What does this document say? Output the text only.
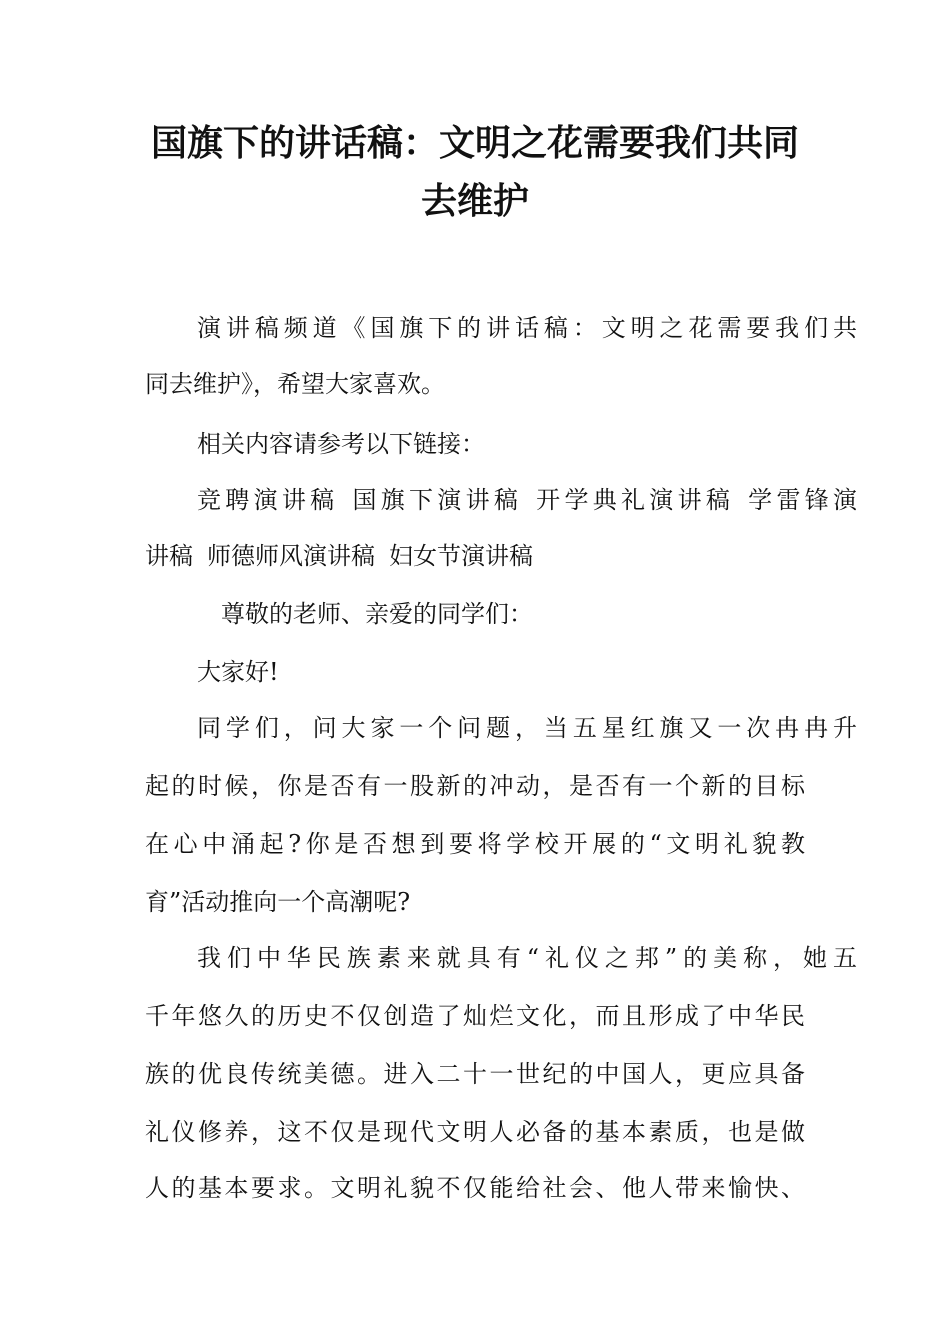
国旗下的讲话稿：文明之花需要我们共同
去维护

演讲稿频道《国旗下的讲话稿：文明之花需要我们共

同去维护》，希望大家喜欢。

相关内容请参考以下链接：

竞聘演讲稿 国旗下演讲稿 开学典礼演讲稿 学雷锋演

讲稿 师德师风演讲稿 妇女节演讲稿

尊敬的老师、亲爱的同学们：

大家好!

同学们，问大家一个问题，当五星红旗又一次冉冉升

起的时候，你是否有一股新的冲动，是否有一个新的目标

在心中涌起?你是否想到要将学校开展的“文明礼貌教

育”活动推向一个高潮呢?

我们中华民族素来就具有“礼仪之邦”的美称，她五

千年悠久的历史不仅创造了灿烂文化，而且形成了中华民

族的优良传统美德。进入二十一世纪的中国人，更应具备

礼仪修养，这不仅是现代文明人必备的基本素质，也是做

人的基本要求。文明礼貌不仅能给社会、他人带来愉快、
